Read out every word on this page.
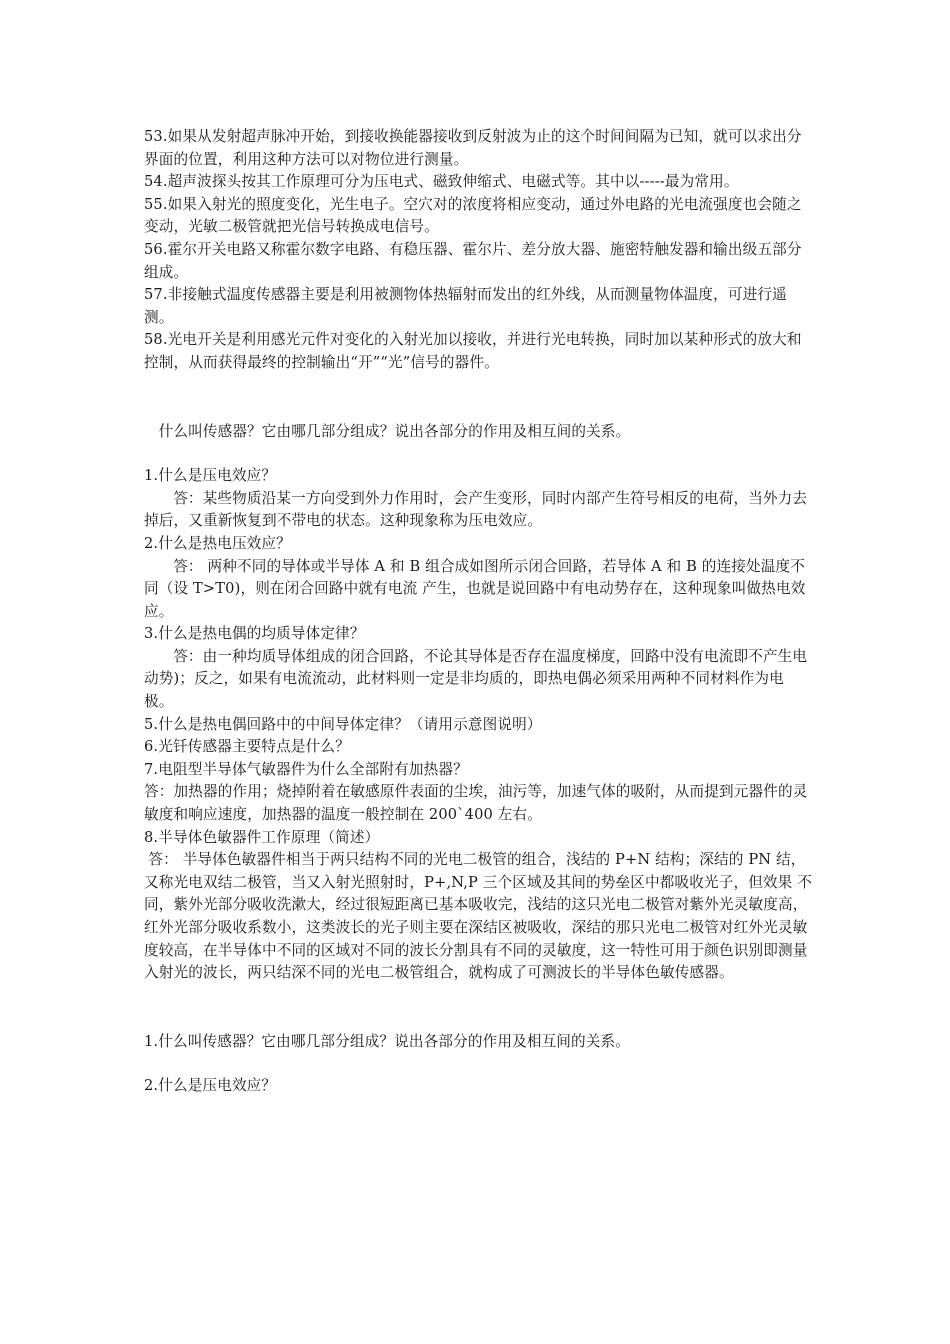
53.如果从发射超声脉冲开始，到接收换能器接收到反射波为止的这个时间间隔为已知，就可以求出分界面的位置，利用这种方法可以对物位进行测量。

54.超声波探头按其工作原理可分为压电式、磁致伸缩式、电磁式等。其中以-----最为常用。

55.如果入射光的照度变化，光生电子。空穴对的浓度将相应变动，通过外电路的光电流强度也会随之变动，光敏二极管就把光信号转换成电信号。

56.霍尔开关电路又称霍尔数字电路、有稳压器、霍尔片、差分放大器、施密特触发器和输出级五部分组成。

57.非接触式温度传感器主要是利用被测物体热辐射而发出的红外线，从而测量物体温度，可进行遥测。

58.光电开关是利用感光元件对变化的入射光加以接收，并进行光电转换，同时加以某种形式的放大和控制，从而获得最终的控制输出“开”“光”信号的器件。

什么叫传感器？它由哪几部分组成？说出各部分的作用及相互间的关系。

1.什么是压电效应？

答：某些物质沿某一方向受到外力作用时，会产生变形，同时内部产生符号相反的电荷，当外力去掉后，又重新恢复到不带电的状态。这种现象称为压电效应。

2.什么是热电压效应？

答： 两种不同的导体或半导体 A 和 B 组合成如图所示闭合回路，若导体 A 和 B 的连接处温度不同（设 T>T0)，则在闭合回路中就有电流 产生，也就是说回路中有电动势存在，这种现象叫做热电效应。

3.什么是热电偶的均质导体定律？

答：由一种均质导体组成的闭合回路，不论其导体是否存在温度梯度，回路中没有电流即不产生电动势)；反之，如果有电流流动，此材料则一定是非均质的，即热电偶必须采用两种不同材料作为电极。

5.什么是热电偶回路中的中间导体定律？（请用示意图说明）

6.光钎传感器主要特点是什么？

7.电阻型半导体气敏器件为什么全部附有加热器？

答：加热器的作用；烧掉附着在敏感原件表面的尘埃，油污等，加速气体的吸附，从而提到元器件的灵敏度和响应速度，加热器的温度一般控制在 200`400 左右。

8.半导体色敏器件工作原理（简述）

答： 半导体色敏器件相当于两只结构不同的光电二极管的组合，浅结的 P+N 结构；深结的 PN 结，又称光电双结二极管，当又入射光照射时，P+,N,P 三个区域及其间的势垒区中都吸收光子，但效果 不同，紫外光部分吸收洗漱大，经过很短距离已基本吸收完，浅结的这只光电二极管对紫外光灵敏度高，红外光部分吸收系数小，这类波长的光子则主要在深结区被吸收，深结的那只光电二极管对红外光灵敏度较高，在半导体中不同的区域对不同的波长分割具有不同的灵敏度，这一特性可用于颜色识别即测量入射光的波长，两只结深不同的光电二极管组合，就构成了可测波长的半导体色敏传感器。

1.什么叫传感器？它由哪几部分组成？说出各部分的作用及相互间的关系。

2.什么是压电效应？
